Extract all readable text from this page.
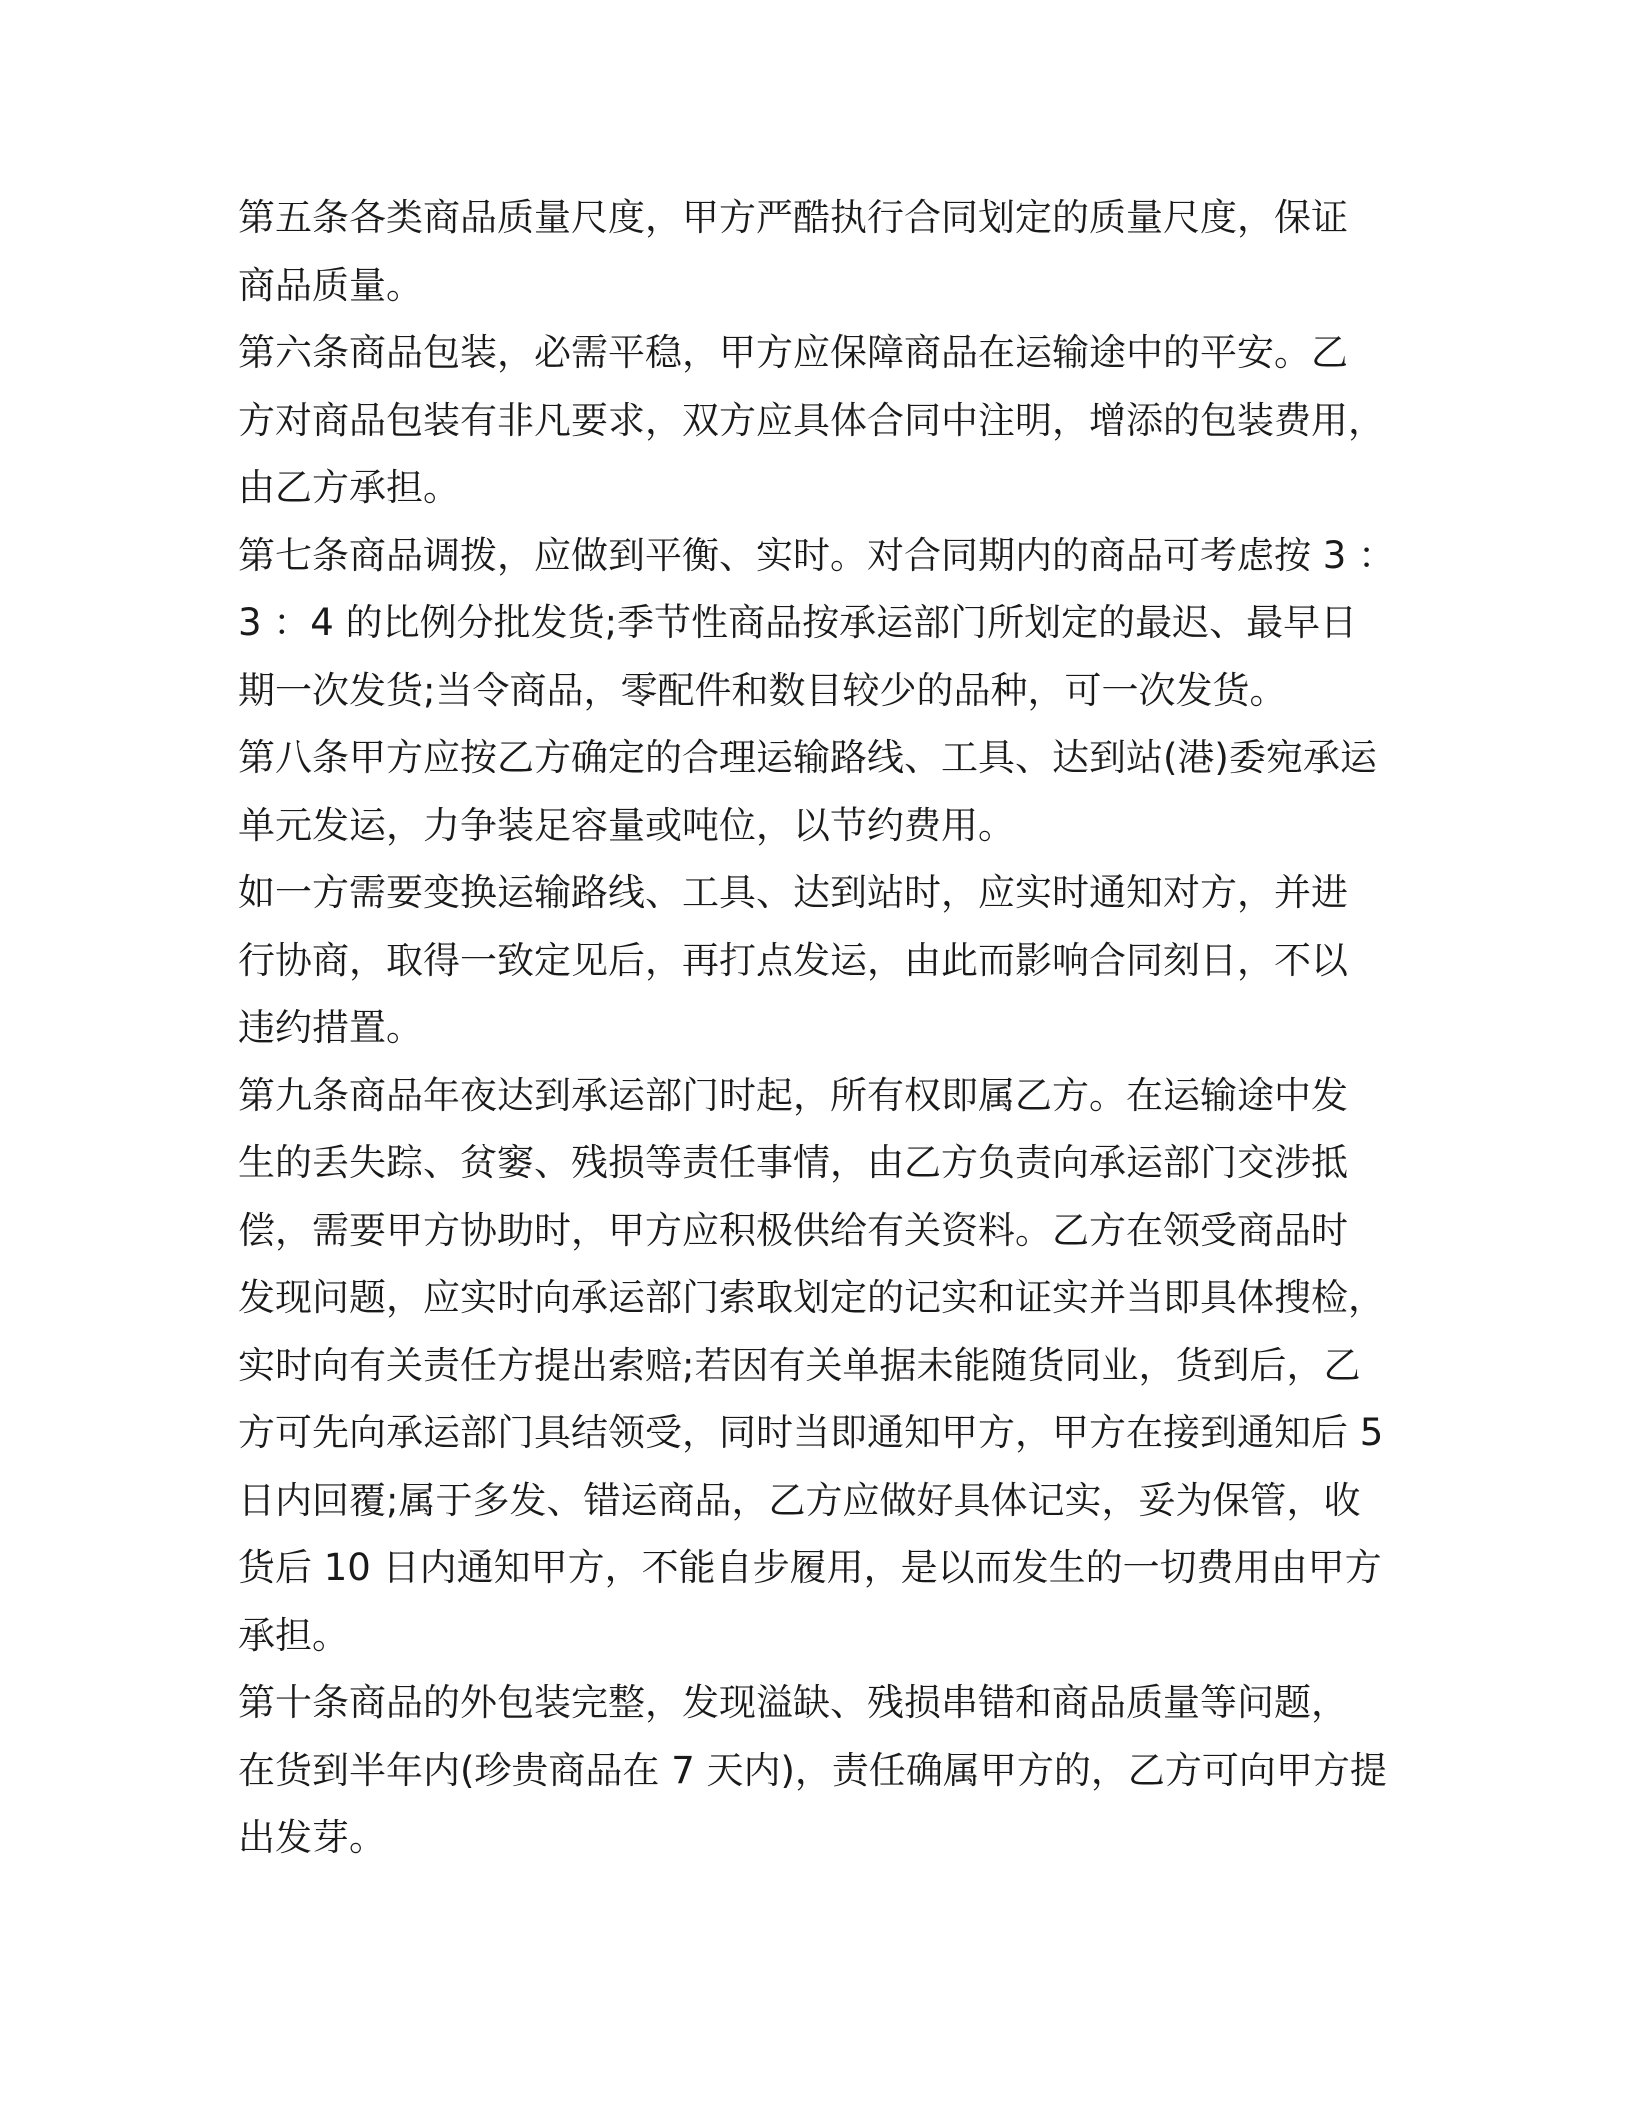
第五条各类商品质量尺度，甲方严酷执行合同划定的质量尺度，保证
商品质量。
第六条商品包装，必需平稳，甲方应保障商品在运输途中的平安。乙
方对商品包装有非凡要求，双方应具体合同中注明，增添的包装费用，
由乙方承担。
第七条商品调拨，应做到平衡、实时。对合同期内的商品可考虑按 3 ：
3 ：4 的比例分批发货;季节性商品按承运部门所划定的最迟、最早日
期一次发货;当令商品，零配件和数目较少的品种，可一次发货。
第八条甲方应按乙方确定的合理运输路线、工具、达到站(港)委宛承运
单元发运，力争装足容量或吨位，以节约费用。
如一方需要变换运输路线、工具、达到站时，应实时通知对方，并进
行协商，取得一致定见后，再打点发运，由此而影响合同刻日，不以
违约措置。
第九条商品年夜达到承运部门时起，所有权即属乙方。在运输途中发
生的丢失踪、贫窭、残损等责任事情，由乙方负责向承运部门交涉抵
偿，需要甲方协助时，甲方应积极供给有关资料。乙方在领受商品时
发现问题，应实时向承运部门索取划定的记实和证实并当即具体搜检，
实时向有关责任方提出索赔;若因有关单据未能随货同业，货到后，乙
方可先向承运部门具结领受，同时当即通知甲方，甲方在接到通知后 5
日内回覆;属于多发、错运商品，乙方应做好具体记实，妥为保管，收
货后 10 日内通知甲方，不能自步履用，是以而发生的一切费用由甲方
承担。
第十条商品的外包装完整，发现溢缺、残损串错和商品质量等问题，
在货到半年内(珍贵商品在 7 天内)，责任确属甲方的，乙方可向甲方提
出发芽。
